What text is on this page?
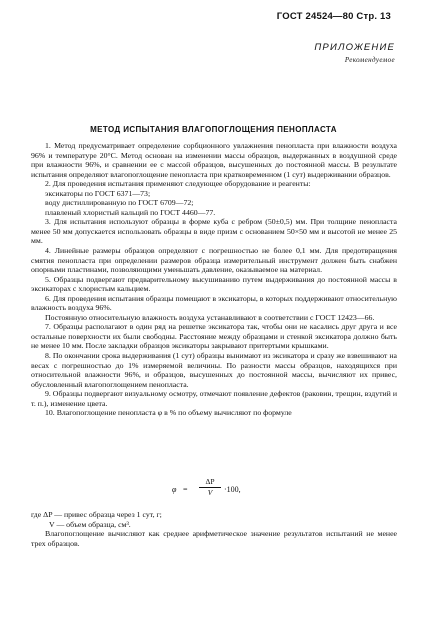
ГОСТ 24524—80 Стр. 13
ПРИЛОЖЕНИЕ
Рекомендуемое
МЕТОД ИСПЫТАНИЯ ВЛАГОПОГЛОЩЕНИЯ ПЕНОПЛАСТА

1. Метод предусматривает определение сорбционного увлажнения пенопласта при влажности воздуха 96% и температуре 20°С. Метод основан на изменении массы образцов, выдержанных в воздушной среде при влажности 96%, и сравнении ее с массой образцов, высушенных до постоянной массы. В результате испытания определяют влагопоглощение пенопласта при кратковременном (1 сут) выдерживании образцов.

2. Для проведения испытания применяют следующее оборудование и реагенты:

эксикаторы по ГОСТ 6371—73;

воду дистиллированную по ГОСТ 6709—72;

плавленый хлористый кальций по ГОСТ 4460—77.

3. Для испытания используют образцы в форме куба с ребром (50±0,5) мм. При толщине пенопласта менее 50 мм допускается использовать образцы в виде призм с основанием 50×50 мм и высотой не менее 25 мм.

4. Линейные размеры образцов определяют с погрешностью не более 0,1 мм. Для предотвращения смятия пенопласта при определении размеров образца измерительный инструмент должен быть снабжен опорными пластинами, позволяющими уменьшать давление, оказываемое на материал.

5. Образцы подвергают предварительному высушиванию путем выдерживания до постоянной массы в эксикаторах с хлористым кальцием.

6. Для проведения испытания образцы помещают в эксикаторы, в которых поддерживают относительную влажность воздуха 96%.

Постоянную относительную влажность воздуха устанавливают в соответствии с ГОСТ 12423—66.

7. Образцы располагают в один ряд на решетке эксикатора так, чтобы они не касались друг друга и все остальные поверхности их были свободны. Расстояние между образцами и стенкой эксикатора должно быть не менее 10 мм. После закладки образцов эксикаторы закрывают притертыми крышками.

8. По окончании срока выдерживания (1 сут) образцы вынимают из эксикатора и сразу же взвешивают на весах с погрешностью до 1% измеряемой величины. По разности массы образцов, находящихся при относительной влажности 96%, и образцов, высушенных до постоянной массы, вычисляют их привес, обусловленный влагопоглощением пенопласта.

9. Образцы подвергают визуальному осмотру, отмечают появление дефектов (раковин, трещин, вздутий и т. п.), изменение цвета.

10. Влагопоглощение пенопласта φ в % по объему вычисляют по формуле

φ =
ΔP
V	·100,

где ΔP — привес образца через 1 сут, г;

V — объем образца, см³.

Влагопоглощение вычисляют как среднее арифметическое значение результатов испытаний не менее трех образцов.
